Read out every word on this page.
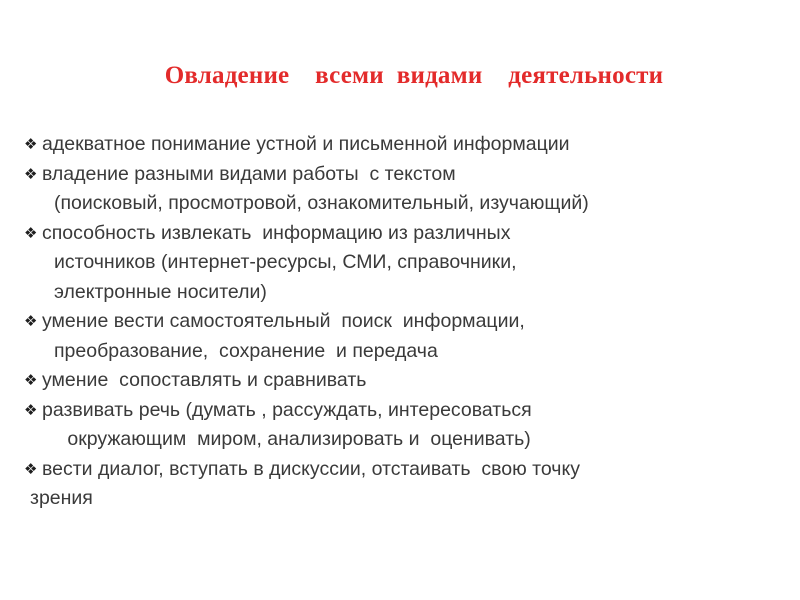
Овладение    всеми  видами    деятельности
❖ адекватное понимание устной и письменной информации
❖ владение разными видами работы  с текстом
(поисковый, просмотровой, ознакомительный, изучающий)
❖ способность извлекать  информацию из различных
источников (интернет-ресурсы, СМИ, справочники,
электронные носители)
❖ умение вести самостоятельный  поиск  информации,
преобразование,  сохранение  и передача
❖ умение  сопоставлять и сравнивать
❖ развивать речь (думать , рассуждать, интересоваться
окружающим  миром, анализировать и  оценивать)
❖ вести диалог, вступать в дискуссии, отстаивать  свою точку
зрения
